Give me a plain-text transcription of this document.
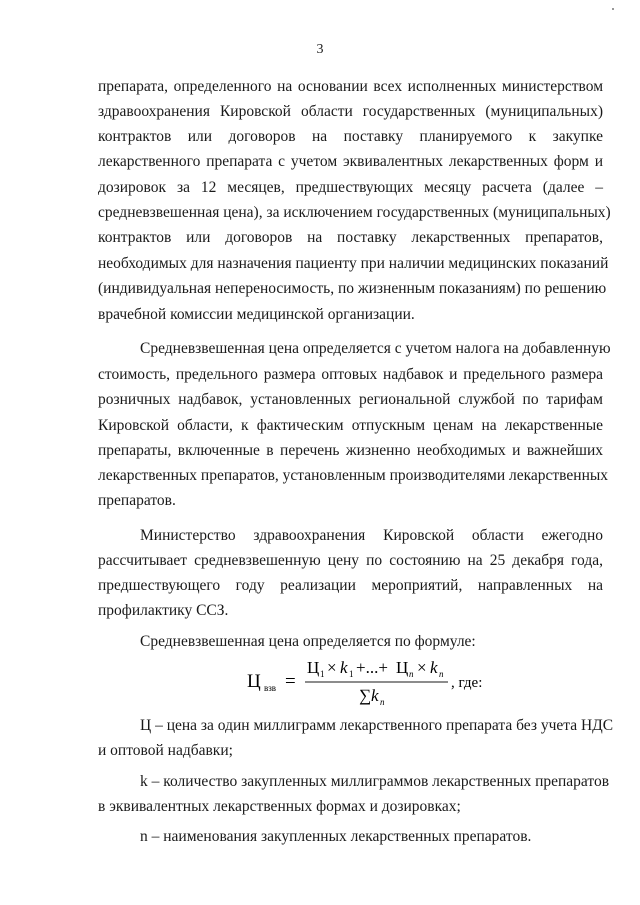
3
препарата, определенного на основании всех исполненных министерством
здравоохранения Кировской области государственных (муниципальных)
контрактов или договоров на поставку планируемого к закупке
лекарственного препарата с учетом эквивалентных лекарственных форм и
дозировок за 12 месяцев, предшествующих месяцу расчета (далее –
средневзвешенная цена), за исключением государственных (муниципальных)
контрактов или договоров на поставку лекарственных препаратов,
необходимых для назначения пациенту при наличии медицинских показаний
(индивидуальная непереносимость, по жизненным показаниям) по решению
врачебной комиссии медицинской организации.
Средневзвешенная цена определяется с учетом налога на добавленную
стоимость, предельного размера оптовых надбавок и предельного размера
розничных надбавок, установленных региональной службой по тарифам
Кировской области, к фактическим отпускным ценам на лекарственные
препараты, включенные в перечень жизненно необходимых и важнейших
лекарственных препаратов, установленным производителями лекарственных
препаратов.
Министерство здравоохранения Кировской области ежегодно
рассчитывает средневзвешенную цену по состоянию на 25 декабря года,
предшествующего году реализации мероприятий, направленных на
профилактику ССЗ.
Средневзвешенная цена определяется по формуле:
Ц взв =
Ц 1 × k 1 +...+ Ц n × k n
∑ k n
, где:
Ц – цена за один миллиграмм лекарственного препарата без учета НДС
и оптовой надбавки;
k – количество закупленных миллиграммов лекарственных препаратов
в эквивалентных лекарственных формах и дозировках;
n – наименования закупленных лекарственных препаратов.
